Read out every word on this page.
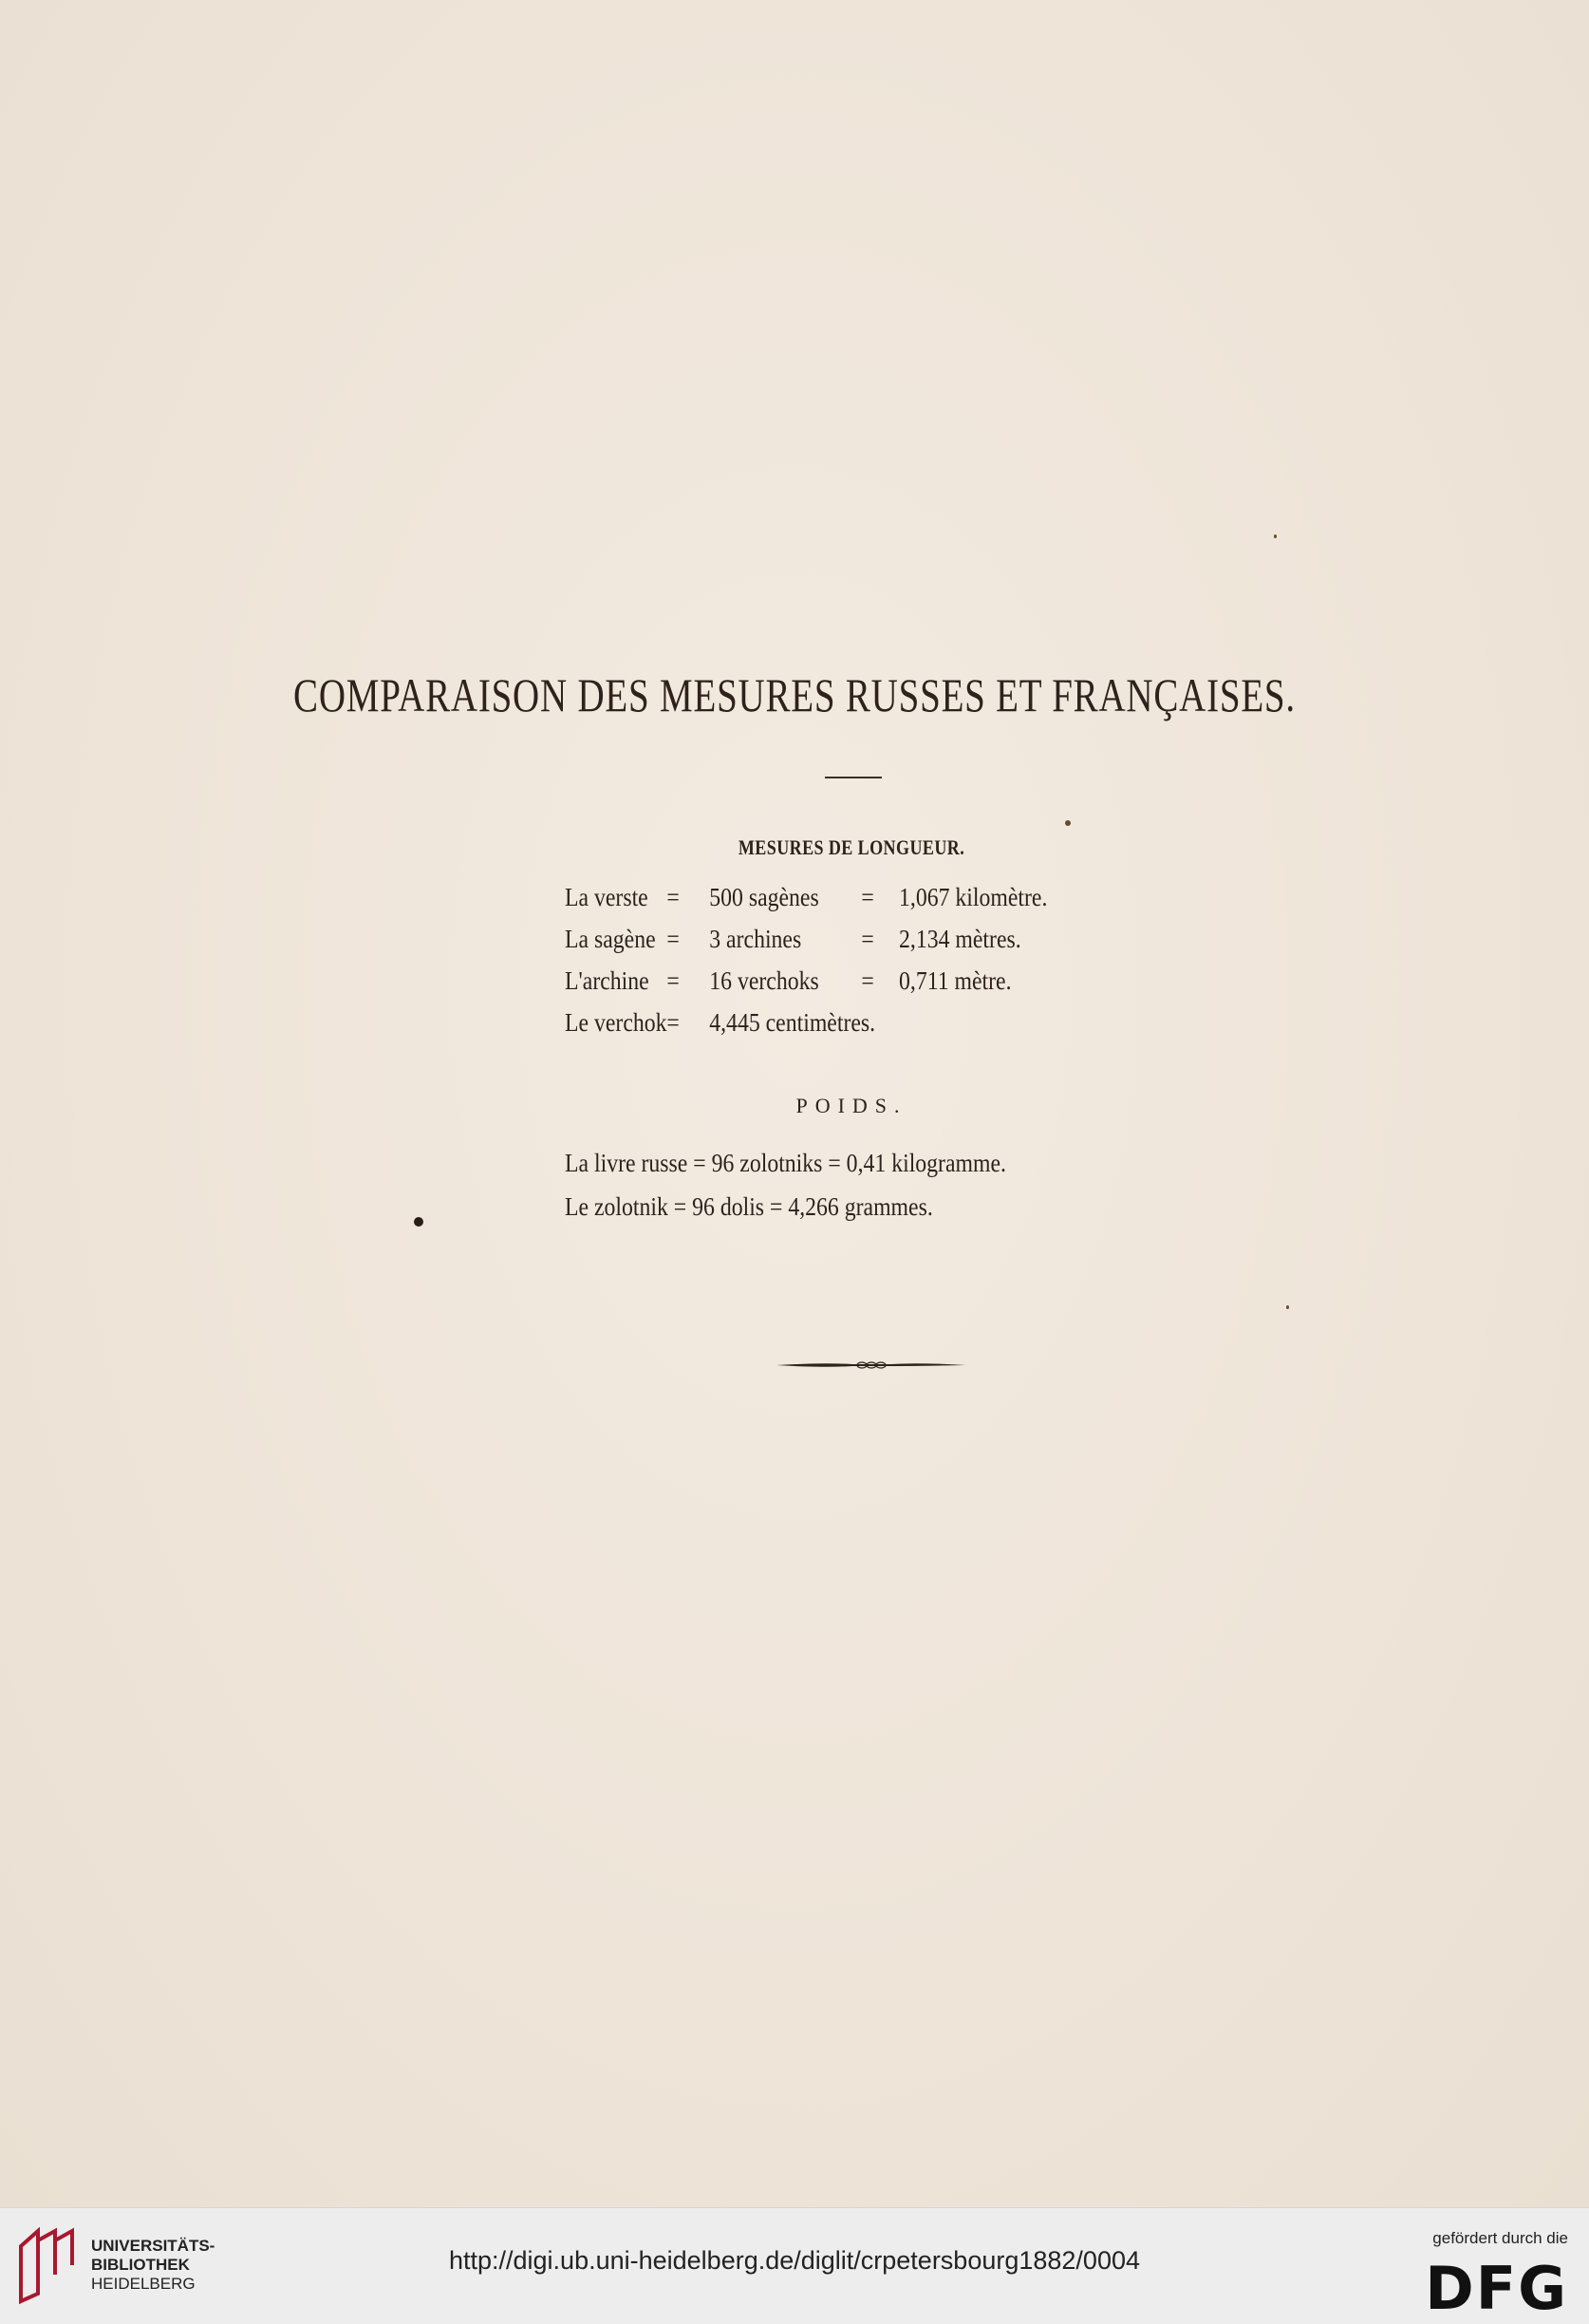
COMPARAISON DES MESURES RUSSES ET FRANÇAISES.
MESURES DE LONGUEUR.
La verste = 500 sagènes = 1,067 kilomètre.
La sagène = 3 archines = 2,134 mètres.
L'archine = 16 verchoks = 0,711 mètre.
Le verchok = 4,445 centimètres.
POIDS.
La livre russe = 96 zolotniks = 0,41 kilogramme.
Le zolotnik = 96 dolis = 4,266 grammes.
UNIVERSITÄTS-
BIBLIOTHEK
HEIDELBERG
http://digi.ub.uni-heidelberg.de/diglit/crpetersbourg1882/0004
gefördert durch die
DFG
